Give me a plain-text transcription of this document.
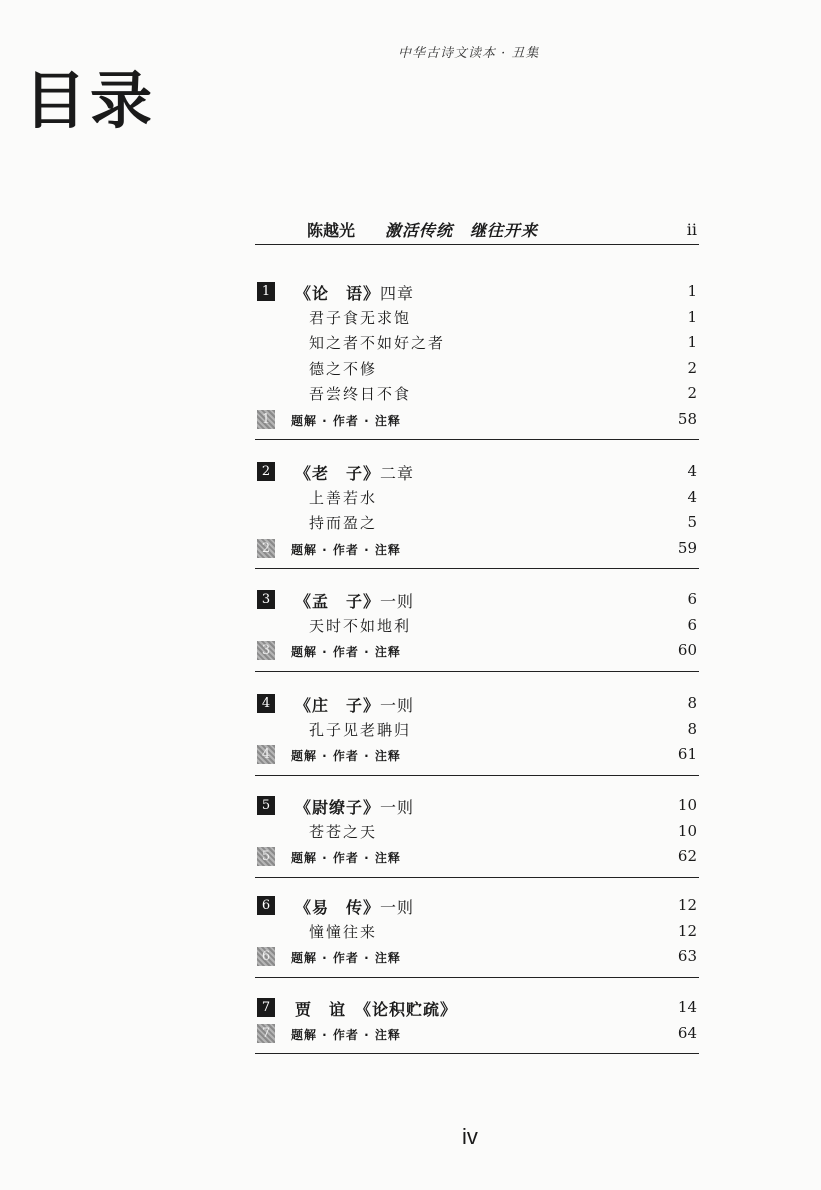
中华古诗文读本 · 丑集
目录
陈越光 激活传统　继往开来	ii
1	《论　语》四章	1
君子食无求饱	1
知之者不如好之者	1
德之不修	2
吾尝终日不食	2
1	题解 · 作者 · 注释	58
2	《老　子》二章	4
上善若水	4
持而盈之	5
2	题解 · 作者 · 注释	59
3	《孟　子》一则	6
天时不如地利	6
3	题解 · 作者 · 注释	60
4	《庄　子》一则	8
孔子见老聃归	8
4	题解 · 作者 · 注释	61
5	《尉缭子》一则	10
苍苍之天	10
5	题解 · 作者 · 注释	62
6	《易　传》一则	12
憧憧往来	12
6	题解 · 作者 · 注释	63
7	贾　谊　《论积贮疏》	14
7	题解 · 作者 · 注释	64
iv
